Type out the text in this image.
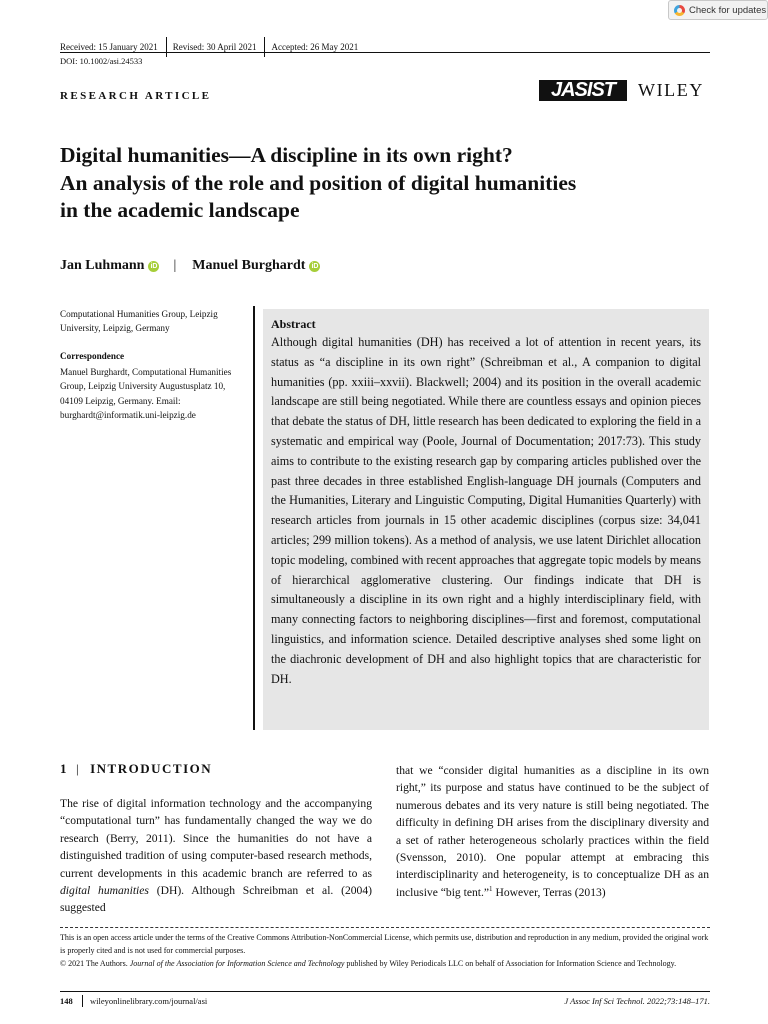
Check for updates
Received: 15 January 2021	Revised: 30 April 2021	Accepted: 26 May 2021
DOI: 10.1002/asi.24533
RESEARCH ARTICLE	JASIST	WILEY
Digital humanities—A discipline in its own right?
An analysis of the role and position of digital humanities
in the academic landscape
Jan Luhmann iD | Manuel Burghardt iD
Computational Humanities Group, Leipzig University, Leipzig, Germany
Correspondence
Manuel Burghardt, Computational Humanities Group, Leipzig University Augustusplatz 10, 04109 Leipzig, Germany. Email: burghardt@informatik.uni-leipzig.de
Abstract

Although digital humanities (DH) has received a lot of attention in recent years, its status as “a discipline in its own right” (Schreibman et al., A companion to digital humanities (pp. xxiii–xxvii). Blackwell; 2004) and its position in the overall academic landscape are still being negotiated. While there are countless essays and opinion pieces that debate the status of DH, little research has been dedicated to exploring the field in a systematic and empirical way (Poole, Journal of Documentation; 2017:73). This study aims to contribute to the existing research gap by comparing articles published over the past three decades in three established English-language DH journals (Computers and the Humanities, Literary and Linguistic Computing, Digital Humanities Quarterly) with research articles from journals in 15 other academic disciplines (corpus size: 34,041 articles; 299 million tokens). As a method of analysis, we use latent Dirichlet allocation topic modeling, combined with recent approaches that aggregate topic models by means of hierarchical agglomerative clustering. Our findings indicate that DH is simultaneously a discipline in its own right and a highly interdisciplinary field, with many connecting factors to neighboring disciplines—first and foremost, computational linguistics, and information science. Detailed descriptive analyses shed some light on the diachronic development of DH and also highlight topics that are characteristic for DH.

1 | INTRODUCTION

The rise of digital information technology and the accompanying “computational turn” has fundamentally changed the way we do research (Berry, 2011). Since the humanities do not have a distinguished tradition of using computer-based research methods, current developments in this academic branch are referred to as digital humanities (DH). Although Schreibman et al. (2004) suggested

that we “consider digital humanities as a discipline in its own right,” its purpose and status have continued to be the subject of numerous debates and its very nature is still being negotiated. The difficulty in defining DH arises from the disciplinary diversity and a set of rather heterogeneous scholarly practices within the field (Svensson, 2010). One popular attempt at embracing this interdisciplinarity and heterogeneity, is to conceptualize DH as an inclusive “big tent.”$^1$ However, Terras (2013)

This is an open access article under the terms of the Creative Commons Attribution-NonCommercial License, which permits use, distribution and reproduction in any medium, provided the original work is properly cited and is not used for commercial purposes.

© 2021 The Authors. Journal of the Association for Information Science and Technology published by Wiley Periodicals LLC on behalf of Association for Information Science and Technology.

148	wileyonlinelibrary.com/journal/asi	J Assoc Inf Sci Technol. 2022;73:148–171.
